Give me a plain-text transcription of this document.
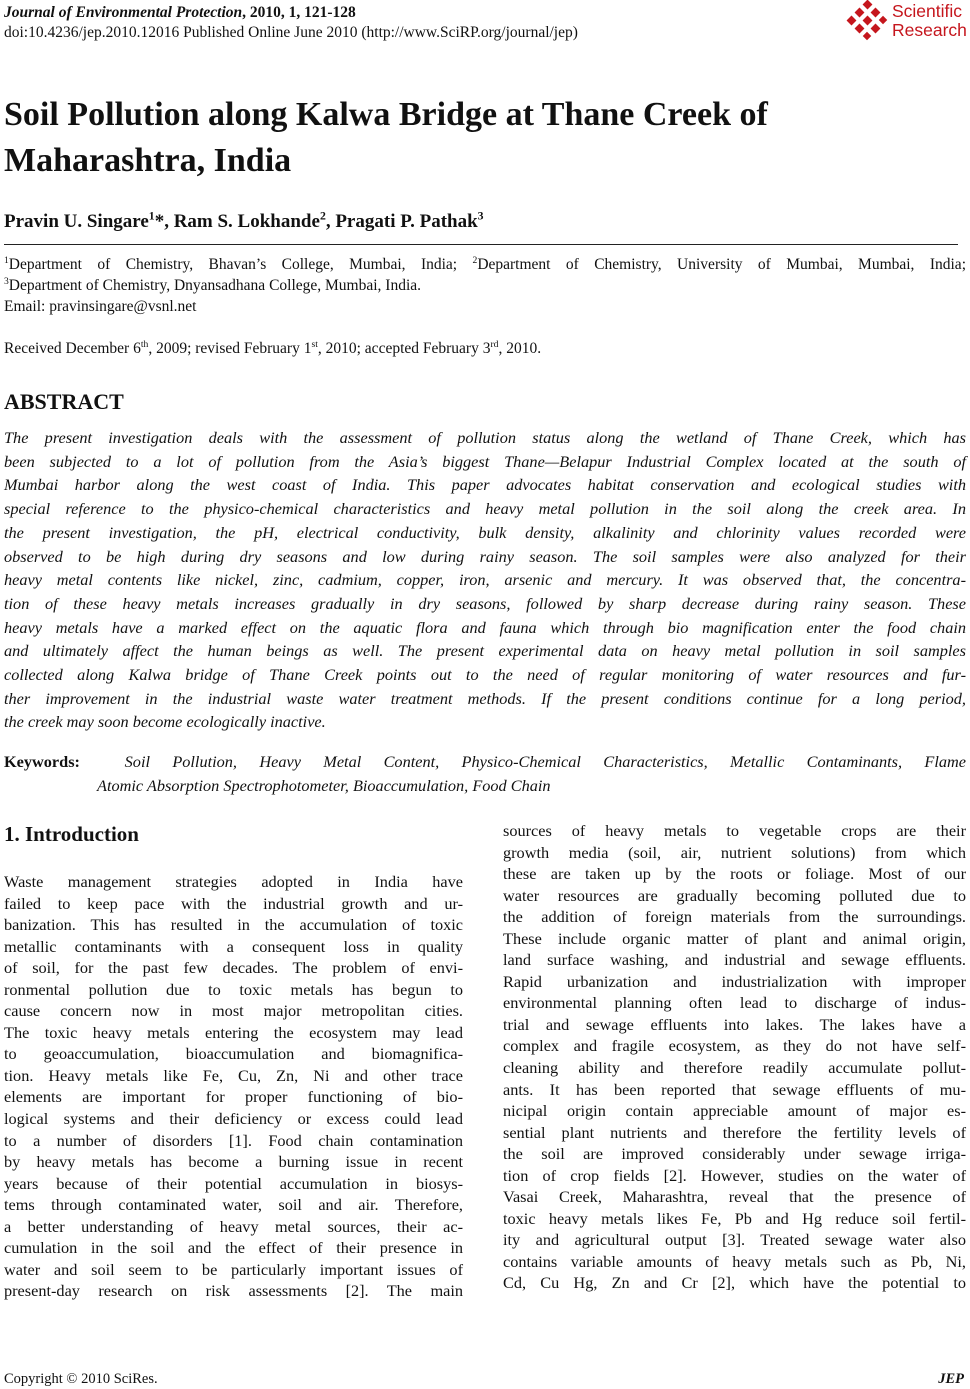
Journal of Environmental Protection, 2010, 1, 121-128
doi:10.4236/jep.2010.12016 Published Online June 2010 (http://www.SciRP.org/journal/jep)
Scientific
Research
Soil Pollution along Kalwa Bridge at Thane Creek of
Maharashtra, India
Pravin U. Singare$^1$*, Ram S. Lokhande$^2$, Pragati P. Pathak$^3$
$^1$Department of Chemistry, Bhavan’s College, Mumbai, India; $^2$Department of Chemistry, University of Mumbai, Mumbai, India;
$^3$Department of Chemistry, Dnyansadhana College, Mumbai, India.
Email: pravinsingare@vsnl.net
Received December 6th, 2009; revised February 1st, 2010; accepted February 3rd, 2010.
ABSTRACT
The present investigation deals with the assessment of pollution status along the wetland of Thane Creek, which has
been subjected to a lot of pollution from the Asia’s biggest Thane—Belapur Industrial Complex located at the south of
Mumbai harbor along the west coast of India. This paper advocates habitat conservation and ecological studies with
special reference to the physico-chemical characteristics and heavy metal pollution in the soil along the creek area. In
the present investigation, the pH, electrical conductivity, bulk density, alkalinity and chlorinity values recorded were
observed to be high during dry seasons and low during rainy season. The soil samples were also analyzed for their
heavy metal contents like nickel, zinc, cadmium, copper, iron, arsenic and mercury. It was observed that, the concentra-
tion of these heavy metals increases gradually in dry seasons, followed by sharp decrease during rainy season. These
heavy metals have a marked effect on the aquatic flora and fauna which through bio magnification enter the food chain
and ultimately affect the human beings as well. The present experimental data on heavy metal pollution in soil samples
collected along Kalwa bridge of Thane Creek points out to the need of regular monitoring of water resources and fur-
ther improvement in the industrial waste water treatment methods. If the present conditions continue for a long period,
the creek may soon become ecologically inactive.
Keywords:	Soil Pollution, Heavy Metal Content, Physico-Chemical Characteristics, Metallic Contaminants, Flame
Atomic Absorption Spectrophotometer, Bioaccumulation, Food Chain
1. Introduction
Waste management strategies adopted in India have
failed to keep pace with the industrial growth and ur-
banization. This has resulted in the accumulation of toxic
metallic contaminants with a consequent loss in quality
of soil, for the past few decades. The problem of envi-
ronmental pollution due to toxic metals has begun to
cause concern now in most major metropolitan cities.
The toxic heavy metals entering the ecosystem may lead
to geoaccumulation, bioaccumulation and biomagnifica-
tion. Heavy metals like Fe, Cu, Zn, Ni and other trace
elements are important for proper functioning of bio-
logical systems and their deficiency or excess could lead
to a number of disorders [1]. Food chain contamination
by heavy metals has become a burning issue in recent
years because of their potential accumulation in biosys-
tems through contaminated water, soil and air. Therefore,
a better understanding of heavy metal sources, their ac-
cumulation in the soil and the effect of their presence in
water and soil seem to be particularly important issues of
present-day research on risk assessments [2]. The main
sources of heavy metals to vegetable crops are their
growth media (soil, air, nutrient solutions) from which
these are taken up by the roots or foliage. Most of our
water resources are gradually becoming polluted due to
the addition of foreign materials from the surroundings.
These include organic matter of plant and animal origin,
land surface washing, and industrial and sewage effluents.
Rapid urbanization and industrialization with improper
environmental planning often lead to discharge of indus-
trial and sewage effluents into lakes. The lakes have a
complex and fragile ecosystem, as they do not have self-
cleaning ability and therefore readily accumulate pollut-
ants. It has been reported that sewage effluents of mu-
nicipal origin contain appreciable amount of major es-
sential plant nutrients and therefore the fertility levels of
the soil are improved considerably under sewage irriga-
tion of crop fields [2]. However, studies on the water of
Vasai Creek, Maharashtra, reveal that the presence of
toxic heavy metals likes Fe, Pb and Hg reduce soil fertil-
ity and agricultural output [3]. Treated sewage water also
contains variable amounts of heavy metals such as Pb, Ni,
Cd, Cu Hg, Zn and Cr [2], which have the potential to
Copyright © 2010 SciRes.	JEP
